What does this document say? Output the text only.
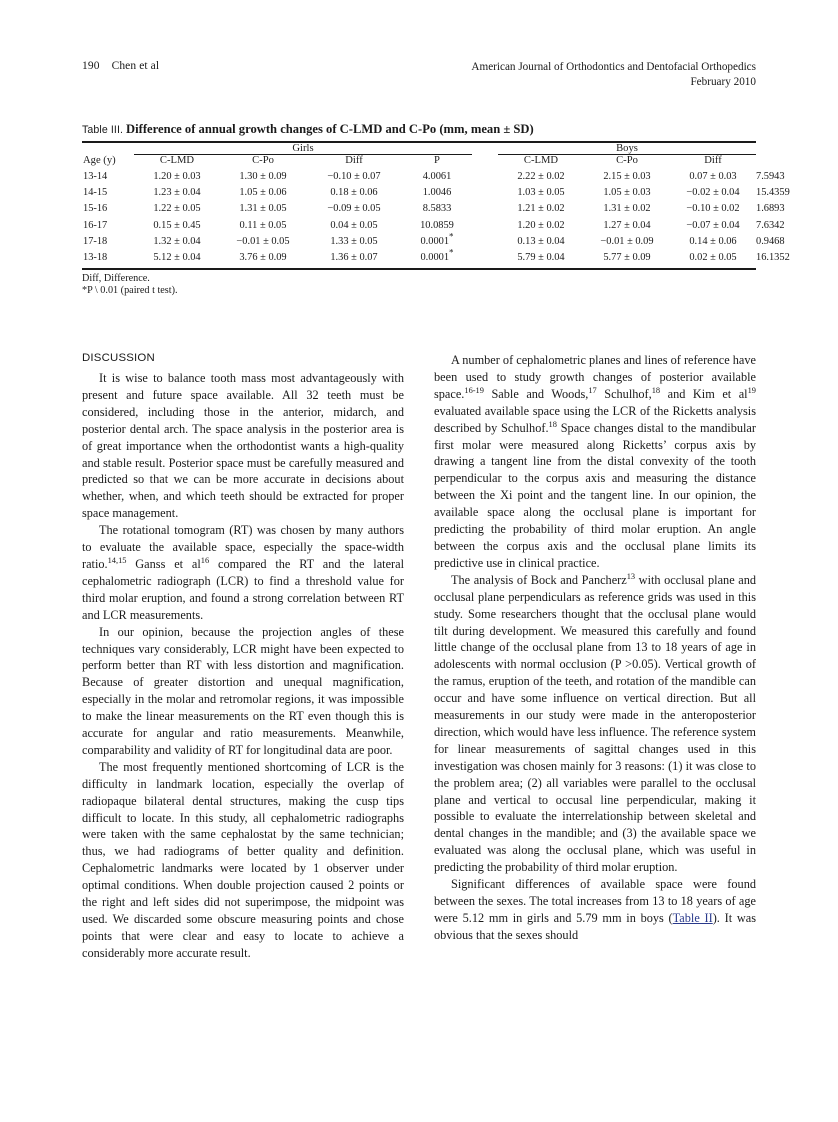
190 Chen et al	American Journal of Orthodontics and Dentofacial Orthopedics
February 2010
Table III. Difference of annual growth changes of C-LMD and C-Po (mm, mean ± SD)

	Girls					Boys			

Age (y)	C-LMD	C-Po	Diff	P		C-LMD	C-Po	Diff	
13-14	1.20 ± 0.03	1.30 ± 0.09	−0.10 ± 0.07	4.0061		2.22 ± 0.02	2.15 ± 0.03	0.07 ± 0.03	7.5943
14-15	1.23 ± 0.04	1.05 ± 0.06	0.18 ± 0.06	1.0046		1.03 ± 0.05	1.05 ± 0.03	−0.02 ± 0.04	15.4359
15-16	1.22 ± 0.05	1.31 ± 0.05	−0.09 ± 0.05	8.5833		1.21 ± 0.02	1.31 ± 0.02	−0.10 ± 0.02	1.6893
16-17	0.15 ± 0.45	0.11 ± 0.05	0.04 ± 0.05	10.0859		1.20 ± 0.02	1.27 ± 0.04	−0.07 ± 0.04	7.6342
17-18	1.32 ± 0.04	−0.01 ± 0.05	1.33 ± 0.05	0.0001*		0.13 ± 0.04	−0.01 ± 0.09	0.14 ± 0.06	0.9468
13-18	5.12 ± 0.04	3.76 ± 0.09	1.36 ± 0.07	0.0001*		5.79 ± 0.04	5.77 ± 0.09	0.02 ± 0.05	16.1352

Diff, Difference.
*P \ 0.01 (paired t test).
DISCUSSION

It is wise to balance tooth mass most advantageously with present and future space available. All 32 teeth must be considered, including those in the anterior, midarch, and posterior dental arch. The space analysis in the posterior area is of great importance when the orthodontist wants a high-quality and stable result. Posterior space must be carefully measured and predicted so that we can be more accurate in decisions about whether, when, and which teeth should be extracted for proper space management.

The rotational tomogram (RT) was chosen by many authors to evaluate the available space, especially the space-width ratio.$^{14,15}$ Ganss et $al^{16}$ compared the RT and the lateral cephalometric radiograph (LCR) to find a threshold value for third molar eruption, and found a strong correlation between RT and LCR measurements.

In our opinion, because the projection angles of these techniques vary considerably, LCR might have been expected to perform better than RT with less distortion and magnification. Because of greater distortion and unequal magnification, especially in the molar and retromolar regions, it was impossible to make the linear measurements on the RT even though this is accurate for angular and ratio measurements. Meanwhile, comparability and validity of RT for longitudinal data are poor.

The most frequently mentioned shortcoming of LCR is the difficulty in landmark location, especially the overlap of radiopaque bilateral dental structures, making the cusp tips difficult to locate. In this study, all cephalometric radiographs were taken with the same cephalostat by the same technician; thus, we had radiograms of better quality and definition. Cephalometric landmarks were located by 1 observer under optimal conditions. When double projection caused 2 points or the right and left sides did not superimpose, the midpoint was used. We discarded some obscure measuring points and chose points that were clear and easy to locate to achieve a considerably more accurate result.

A number of cephalometric planes and lines of reference have been used to study growth changes of posterior available space.$^{16-19}$ Sable and Woods,$^{17}$ Schulhof,$^{18}$ and Kim et $al^{19}$ evaluated available space using the LCR of the Ricketts analysis described by Schulhof.$^{18}$ Space changes distal to the mandibular first molar were measured along Ricketts’ corpus axis by drawing a tangent line from the distal convexity of the tooth perpendicular to the corpus axis and measuring the distance between the Xi point and the tangent line. In our opinion, the available space along the occlusal plane is important for predicting the probability of third molar eruption. An angle between the corpus axis and the occlusal plane limits its predictive use in clinical practice.

The analysis of Bock and Pancherz$^{13}$ with occlusal plane and occlusal plane perpendiculars as reference grids was used in this study. Some researchers thought that the occlusal plane would tilt during development. We measured this carefully and found little change of the occlusal plane from 13 to 18 years of age in adolescents with normal occlusion (P >0.05). Vertical growth of the ramus, eruption of the teeth, and rotation of the mandible can occur and have some influence on vertical direction. But all measurements in our study were made in the anteroposterior direction, which would have less influence. The reference system for linear measurements of sagittal changes used in this investigation was chosen mainly for 3 reasons: (1) it was close to the problem area; (2) all variables were parallel to the occlusal plane and vertical to occusal line perpendicular, making it possible to evaluate the interrelationship between skeletal and dental changes in the mandible; and (3) the available space we evaluated was along the occlusal plane, which was useful in predicting the probability of third molar eruption.

Significant differences of available space were found between the sexes. The total increases from 13 to 18 years of age were 5.12 mm in girls and 5.79 mm in boys (Table II). It was obvious that the sexes should
